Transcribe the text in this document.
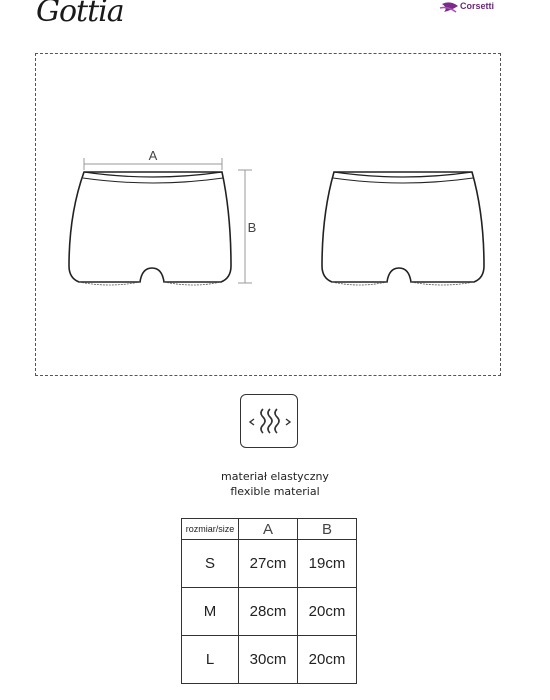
Gottia	Corsetti
A
B
materiał elastyczny
flexible material
rozmiar/size	A	B
S	27cm	19cm
M	28cm	20cm
L	30cm	20cm
